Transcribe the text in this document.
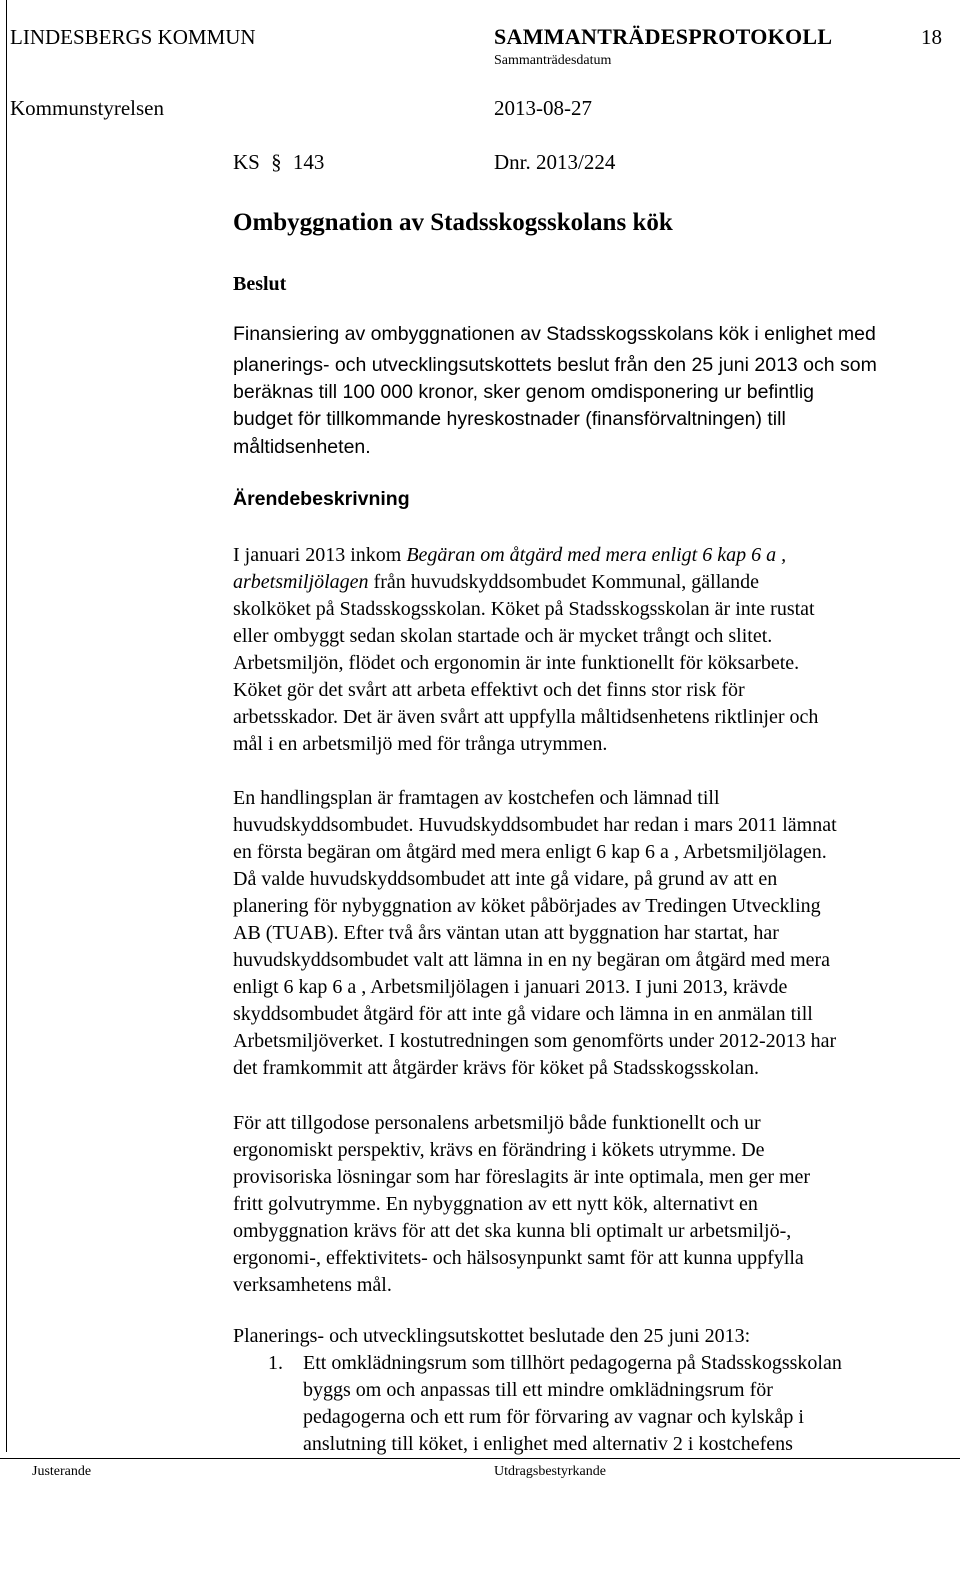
LINDESBERGS KOMMUN	SAMMANTRÄDESPROTOKOLL	18
Sammanträdesdatum
Kommunstyrelsen	2013-08-27
KS § 143	Dnr. 2013/224
Ombyggnation av Stadsskogsskolans kök
Beslut
Finansiering av ombyggnationen av Stadsskogsskolans kök i enlighet med
planerings- och utvecklingsutskottets beslut från den 25 juni 2013 och som
beräknas till 100 000 kronor, sker genom omdisponering ur befintlig
budget för tillkommande hyreskostnader (finansförvaltningen) till
måltidsenheten.
Ärendebeskrivning
I januari 2013 inkom Begäran om åtgärd med mera enligt 6 kap 6 a ,
arbetsmiljölagen från huvudskyddsombudet Kommunal, gällande
skolköket på Stadsskogsskolan. Köket på Stadsskogsskolan är inte rustat
eller ombyggt sedan skolan startade och är mycket trångt och slitet.
Arbetsmiljön, flödet och ergonomin är inte funktionellt för köksarbete.
Köket gör det svårt att arbeta effektivt och det finns stor risk för
arbetsskador. Det är även svårt att uppfylla måltidsenhetens riktlinjer och
mål i en arbetsmiljö med för trånga utrymmen.
En handlingsplan är framtagen av kostchefen och lämnad till
huvudskyddsombudet. Huvudskyddsombudet har redan i mars 2011 lämnat
en första begäran om åtgärd med mera enligt 6 kap 6 a , Arbetsmiljölagen.
Då valde huvudskyddsombudet att inte gå vidare, på grund av att en
planering för nybyggnation av köket påbörjades av Tredingen Utveckling
AB (TUAB). Efter två års väntan utan att byggnation har startat, har
huvudskyddsombudet valt att lämna in en ny begäran om åtgärd med mera
enligt 6 kap 6 a , Arbetsmiljölagen i januari 2013. I juni 2013, krävde
skyddsombudet åtgärd för att inte gå vidare och lämna in en anmälan till
Arbetsmiljöverket. I kostutredningen som genomförts under 2012-2013 har
det framkommit att åtgärder krävs för köket på Stadsskogsskolan.
För att tillgodose personalens arbetsmiljö både funktionellt och ur
ergonomiskt perspektiv, krävs en förändring i kökets utrymme. De
provisoriska lösningar som har föreslagits är inte optimala, men ger mer
fritt golvutrymme. En nybyggnation av ett nytt kök, alternativt en
ombyggnation krävs för att det ska kunna bli optimalt ur arbetsmiljö-,
ergonomi-, effektivitets- och hälsosynpunkt samt för att kunna uppfylla
verksamhetens mål.
Planerings- och utvecklingsutskottet beslutade den 25 juni 2013:
1. Ett omklädningsrum som tillhört pedagogerna på Stadsskogsskolan
byggs om och anpassas till ett mindre omklädningsrum för
pedagogerna och ett rum för förvaring av vagnar och kylskåp i
anslutning till köket, i enlighet med alternativ 2 i kostchefens
Justerande	Utdragsbestyrkande
